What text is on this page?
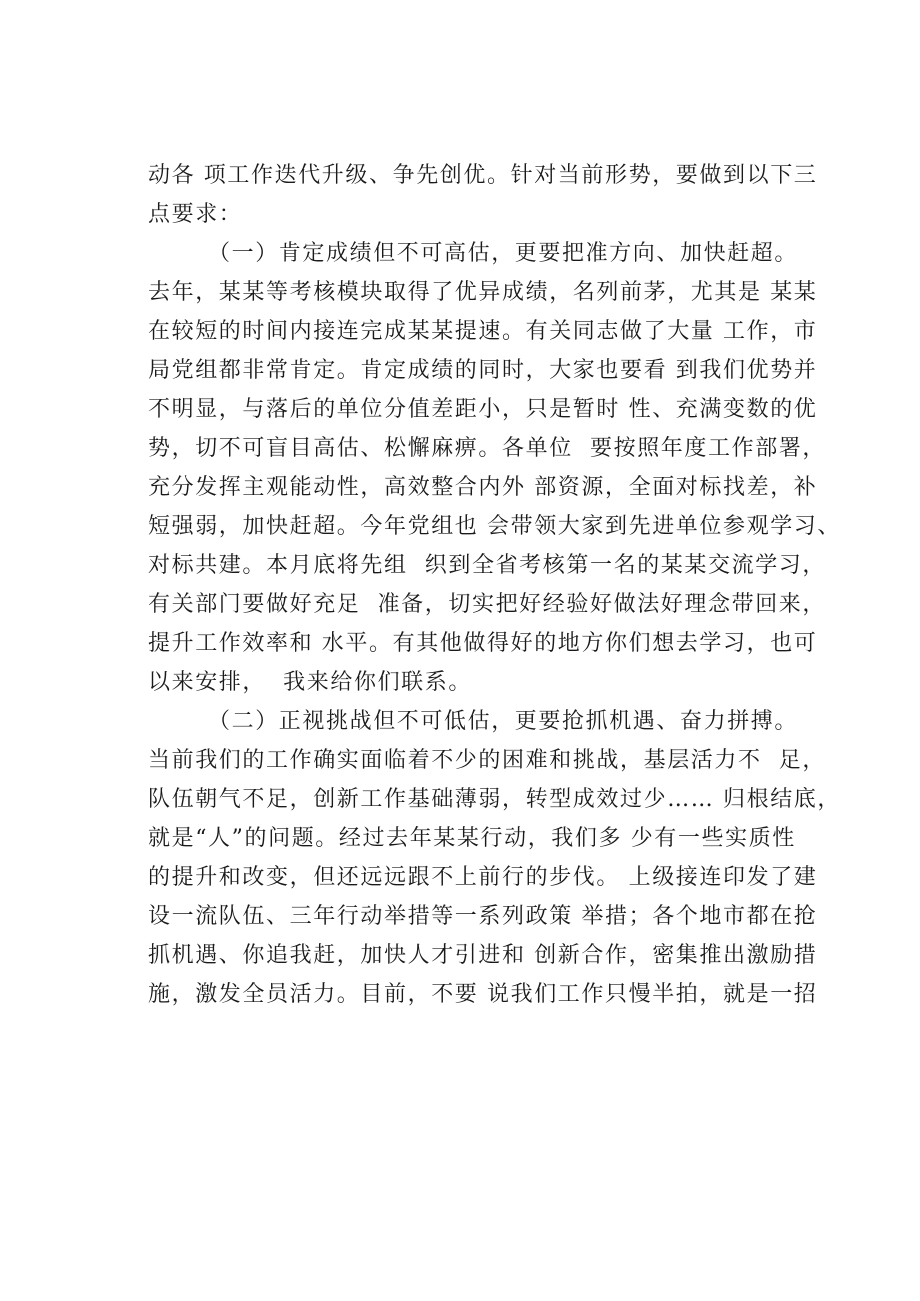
动各 项工作迭代升级、争先创优。针对当前形势，要做到以下三
点要求：
（一）肯定成绩但不可高估，更要把准方向、加快赶超。
去年，某某等考核模块取得了优异成绩，名列前茅，尤其是 某某
在较短的时间内接连完成某某提速。有关同志做了大量 工作，市
局党组都非常肯定。肯定成绩的同时，大家也要看 到我们优势并
不明显，与落后的单位分值差距小，只是暂时 性、充满变数的优
势，切不可盲目高估、松懈麻痹。各单位  要按照年度工作部署，
充分发挥主观能动性，高效整合内外 部资源，全面对标找差，补
短强弱，加快赶超。今年党组也 会带领大家到先进单位参观学习、
对标共建。本月底将先组  织到全省考核第一名的某某交流学习，
有关部门要做好充足  准备，切实把好经验好做法好理念带回来，
提升工作效率和 水平。有其他做得好的地方你们想去学习，也可
以来安排，  我来给你们联系。
（二）正视挑战但不可低估，更要抢抓机遇、奋力拼搏。
当前我们的工作确实面临着不少的困难和挑战，基层活力不  足，
队伍朝气不足，创新工作基础薄弱，转型成效过少…… 归根结底，
就是“人”的问题。经过去年某某行动，我们多 少有一些实质性
的提升和改变，但还远远跟不上前行的步伐。 上级接连印发了建
设一流队伍、三年行动举措等一系列政策 举措；各个地市都在抢
抓机遇、你追我赶，加快人才引进和 创新合作，密集推出激励措
施，激发全员活力。目前，不要 说我们工作只慢半拍，就是一招
